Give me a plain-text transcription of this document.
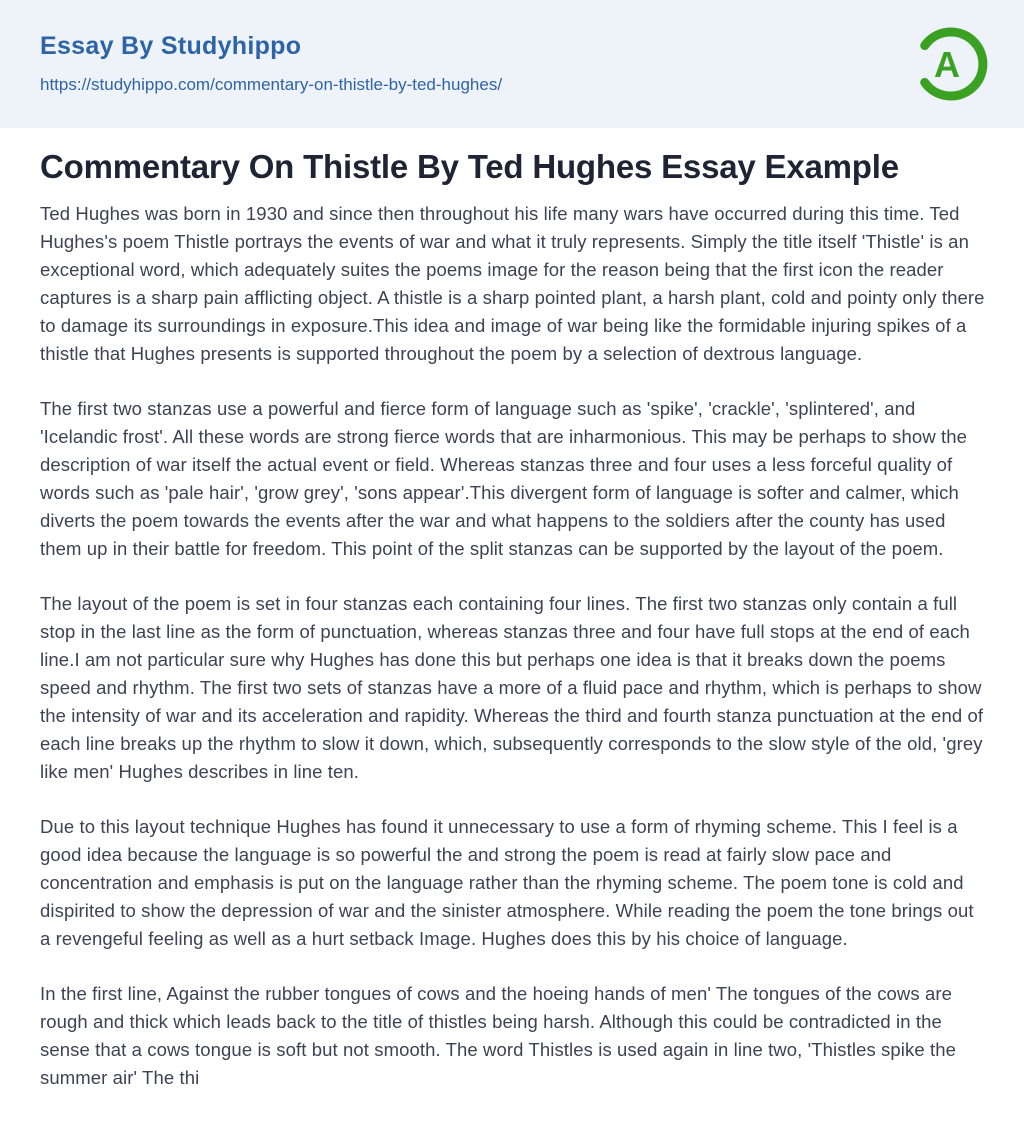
Essay By Studyhippo
https://studyhippo.com/commentary-on-thistle-by-ted-hughes/	A
Commentary On Thistle By Ted Hughes Essay Example

Ted Hughes was born in 1930 and since then throughout his life many wars have occurred during this time. Ted Hughes's poem Thistle portrays the events of war and what it truly represents. Simply the title itself 'Thistle' is an exceptional word, which adequately suites the poems image for the reason being that the first icon the reader captures is a sharp pain afflicting object. A thistle is a sharp pointed plant, a harsh plant, cold and pointy only there to damage its surroundings in exposure.This idea and image of war being like the formidable injuring spikes of a thistle that Hughes presents is supported throughout the poem by a selection of dextrous language.

The first two stanzas use a powerful and fierce form of language such as 'spike', 'crackle', 'splintered', and 'Icelandic frost'. All these words are strong fierce words that are inharmonious. This may be perhaps to show the description of war itself the actual event or field. Whereas stanzas three and four uses a less forceful quality of words such as 'pale hair', 'grow grey', 'sons appear'.This divergent form of language is softer and calmer, which diverts the poem towards the events after the war and what happens to the soldiers after the county has used them up in their battle for freedom. This point of the split stanzas can be supported by the layout of the poem.

The layout of the poem is set in four stanzas each containing four lines. The first two stanzas only contain a full stop in the last line as the form of punctuation, whereas stanzas three and four have full stops at the end of each line.I am not particular sure why Hughes has done this but perhaps one idea is that it breaks down the poems speed and rhythm. The first two sets of stanzas have a more of a fluid pace and rhythm, which is perhaps to show the intensity of war and its acceleration and rapidity. Whereas the third and fourth stanza punctuation at the end of each line breaks up the rhythm to slow it down, which, subsequently corresponds to the slow style of the old, 'grey like men' Hughes describes in line ten.

Due to this layout technique Hughes has found it unnecessary to use a form of rhyming scheme. This I feel is a good idea because the language is so powerful the and strong the poem is read at fairly slow pace and concentration and emphasis is put on the language rather than the rhyming scheme. The poem tone is cold and dispirited to show the depression of war and the sinister atmosphere. While reading the poem the tone brings out a revengeful feeling as well as a hurt setback Image. Hughes does this by his choice of language.

In the first line, Against the rubber tongues of cows and the hoeing hands of men' The tongues of the cows are rough and thick which leads back to the title of thistles being harsh. Although this could be contradicted in the sense that a cows tongue is soft but not smooth. The word Thistles is used again in line two, 'Thistles spike the summer air' The thi
